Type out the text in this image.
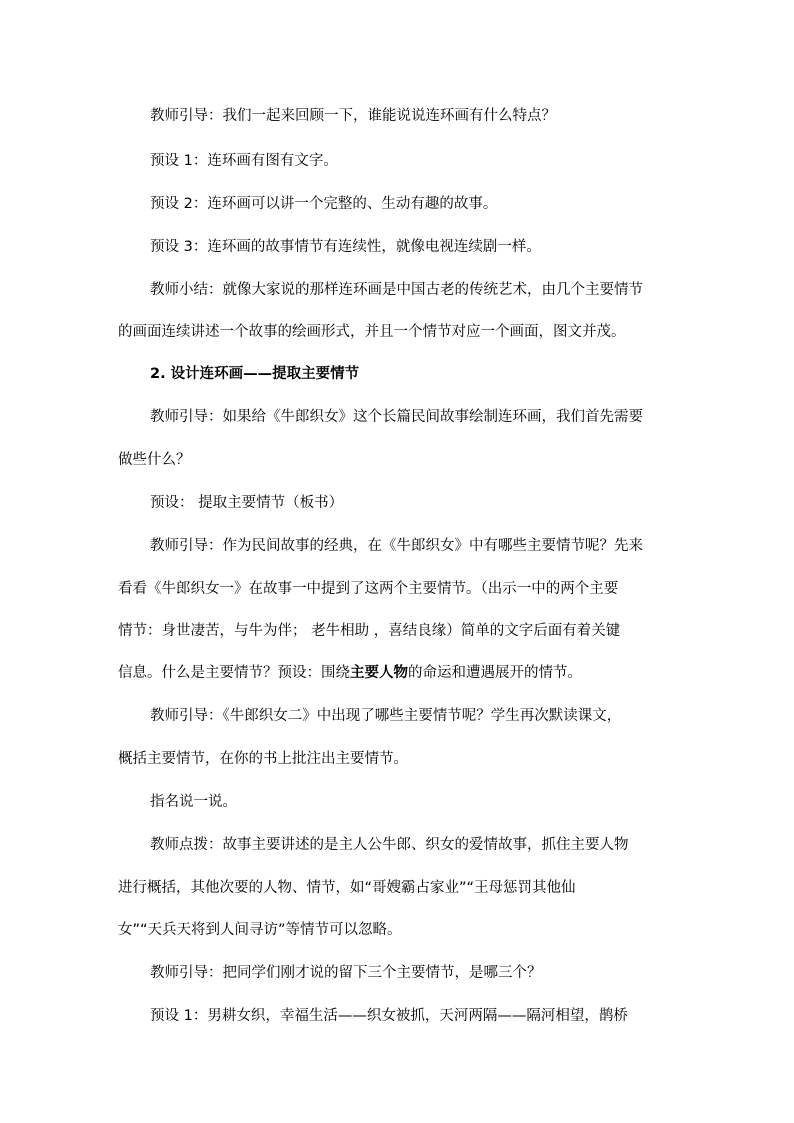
教师引导：我们一起来回顾一下，谁能说说连环画有什么特点？
预设 1：连环画有图有文字。
预设 2：连环画可以讲一个完整的、生动有趣的故事。
预设 3：连环画的故事情节有连续性，就像电视连续剧一样。
教师小结：就像大家说的那样连环画是中国古老的传统艺术，由几个主要情节
的画面连续讲述一个故事的绘画形式，并且一个情节对应一个画面，图文并茂。
2. 设计连环画——提取主要情节
教师引导：如果给《牛郎织女》这个长篇民间故事绘制连环画，我们首先需要
做些什么？
预设： 提取主要情节（板书）
教师引导：作为民间故事的经典，在《牛郎织女》中有哪些主要情节呢？先来
看看《牛郎织女一》在故事一中提到了这两个主要情节。（出示一中的两个主要
情节：身世凄苦，与牛为伴； 老牛相助 ，喜结良缘）简单的文字后面有着关键
信息。什么是主要情节？预设：围绕主要人物的命运和遭遇展开的情节。
教师引导：《牛郎织女二》中出现了哪些主要情节呢？学生再次默读课文，
概括主要情节，在你的书上批注出主要情节。
指名说一说。
教师点拨：故事主要讲述的是主人公牛郎、织女的爱情故事，抓住主要人物
进行概括，其他次要的人物、情节，如“哥嫂霸占家业”“王母惩罚其他仙
女”“天兵天将到人间寻访”等情节可以忽略。
教师引导：把同学们刚才说的留下三个主要情节，是哪三个？
预设 1：男耕女织，幸福生活——织女被抓，天河两隔——隔河相望，鹊桥
